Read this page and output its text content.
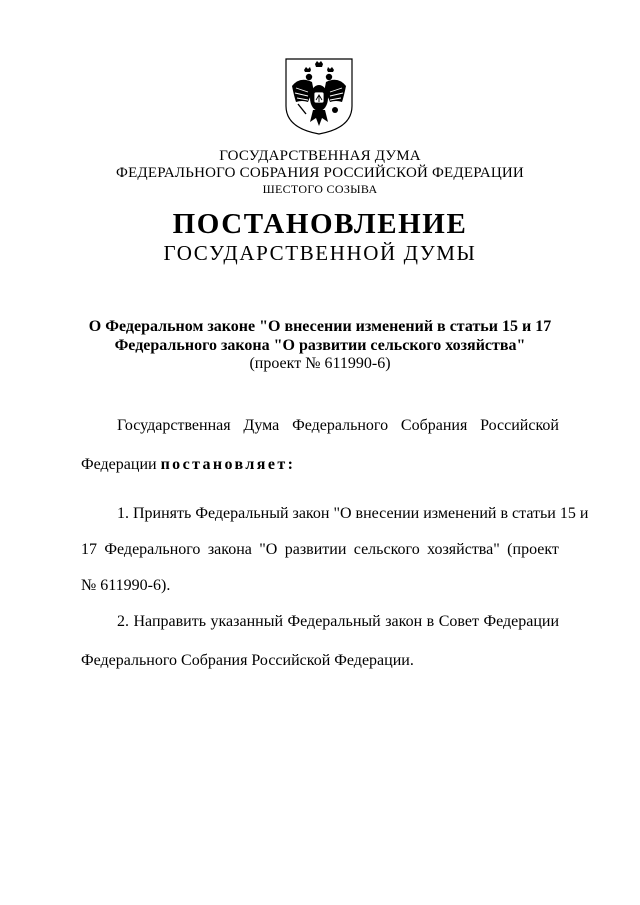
ГОСУДАРСТВЕННАЯ ДУМА
ФЕДЕРАЛЬНОГО СОБРАНИЯ РОССИЙСКОЙ ФЕДЕРАЦИИ
ШЕСТОГО СОЗЫВА
ПОСТАНОВЛЕНИЕ
ГОСУДАРСТВЕННОЙ ДУМЫ
О Федеральном законе "О внесении изменений в статьи 15 и 17
Федерального закона "О развитии сельского хозяйства"
(проект № 611990-6)
Государственная Дума Федерального Собрания Российской
Федерации постановляет:
1. Принять Федеральный закон "О внесении изменений в статьи 15 и
17 Федерального закона "О развитии сельского хозяйства" (проект
№ 611990-6).
2. Направить указанный Федеральный закон в Совет Федерации
Федерального Собрания Российской Федерации.
